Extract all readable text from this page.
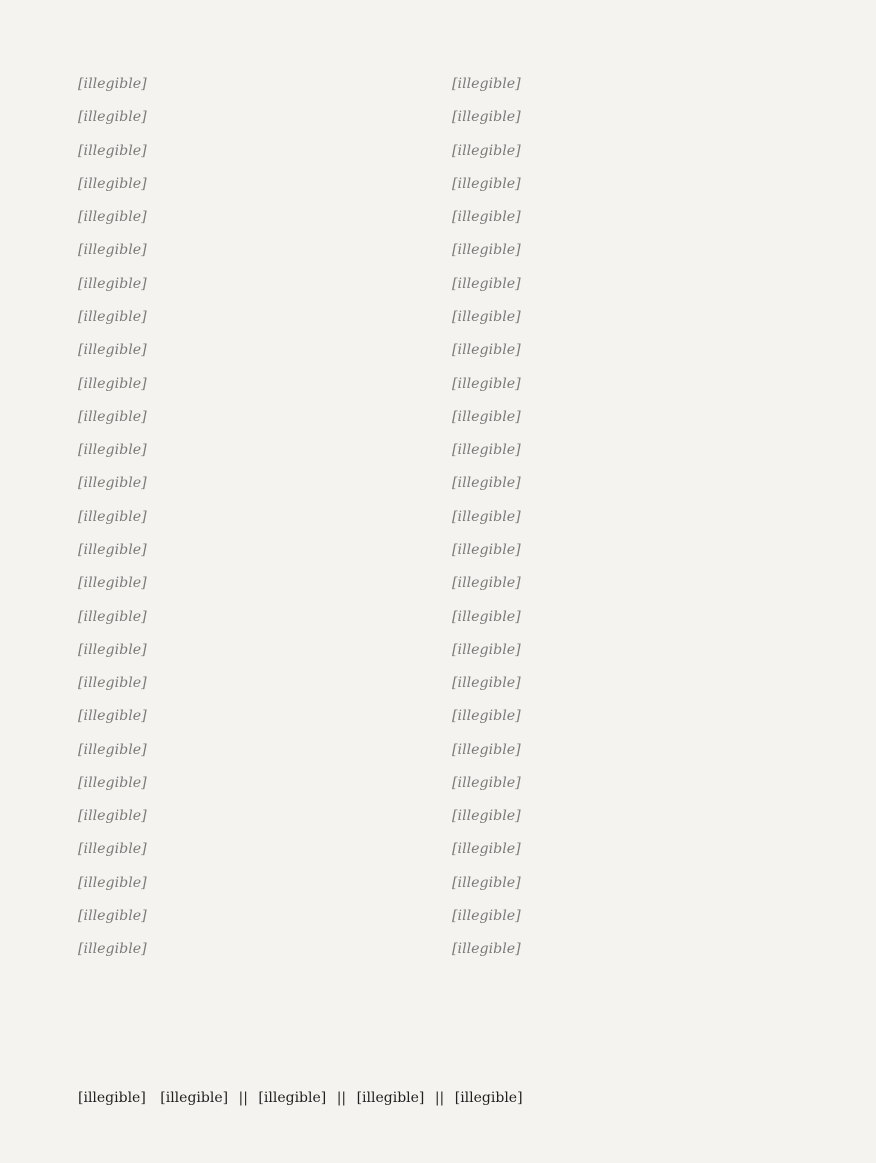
[illegible]

[illegible]

[illegible]

[illegible]

[illegible]

[illegible]

[illegible]

[illegible]

[illegible]

[illegible]

[illegible]

[illegible]

[illegible]

[illegible]

[illegible]

[illegible]

[illegible]

[illegible]

[illegible]

[illegible]

[illegible]

[illegible]

[illegible]

[illegible]

[illegible]

[illegible]

[illegible]

[illegible]

[illegible]

[illegible]

[illegible]

[illegible]

[illegible]

[illegible]

[illegible]

[illegible]

[illegible]

[illegible]

[illegible]

[illegible]

[illegible]

[illegible]

[illegible]

[illegible]

[illegible]

[illegible]

[illegible]

[illegible]

[illegible]

[illegible]

[illegible]

[illegible]

[illegible]

[illegible]

[illegible] [illegible] || [illegible] || [illegible] || [illegible]
